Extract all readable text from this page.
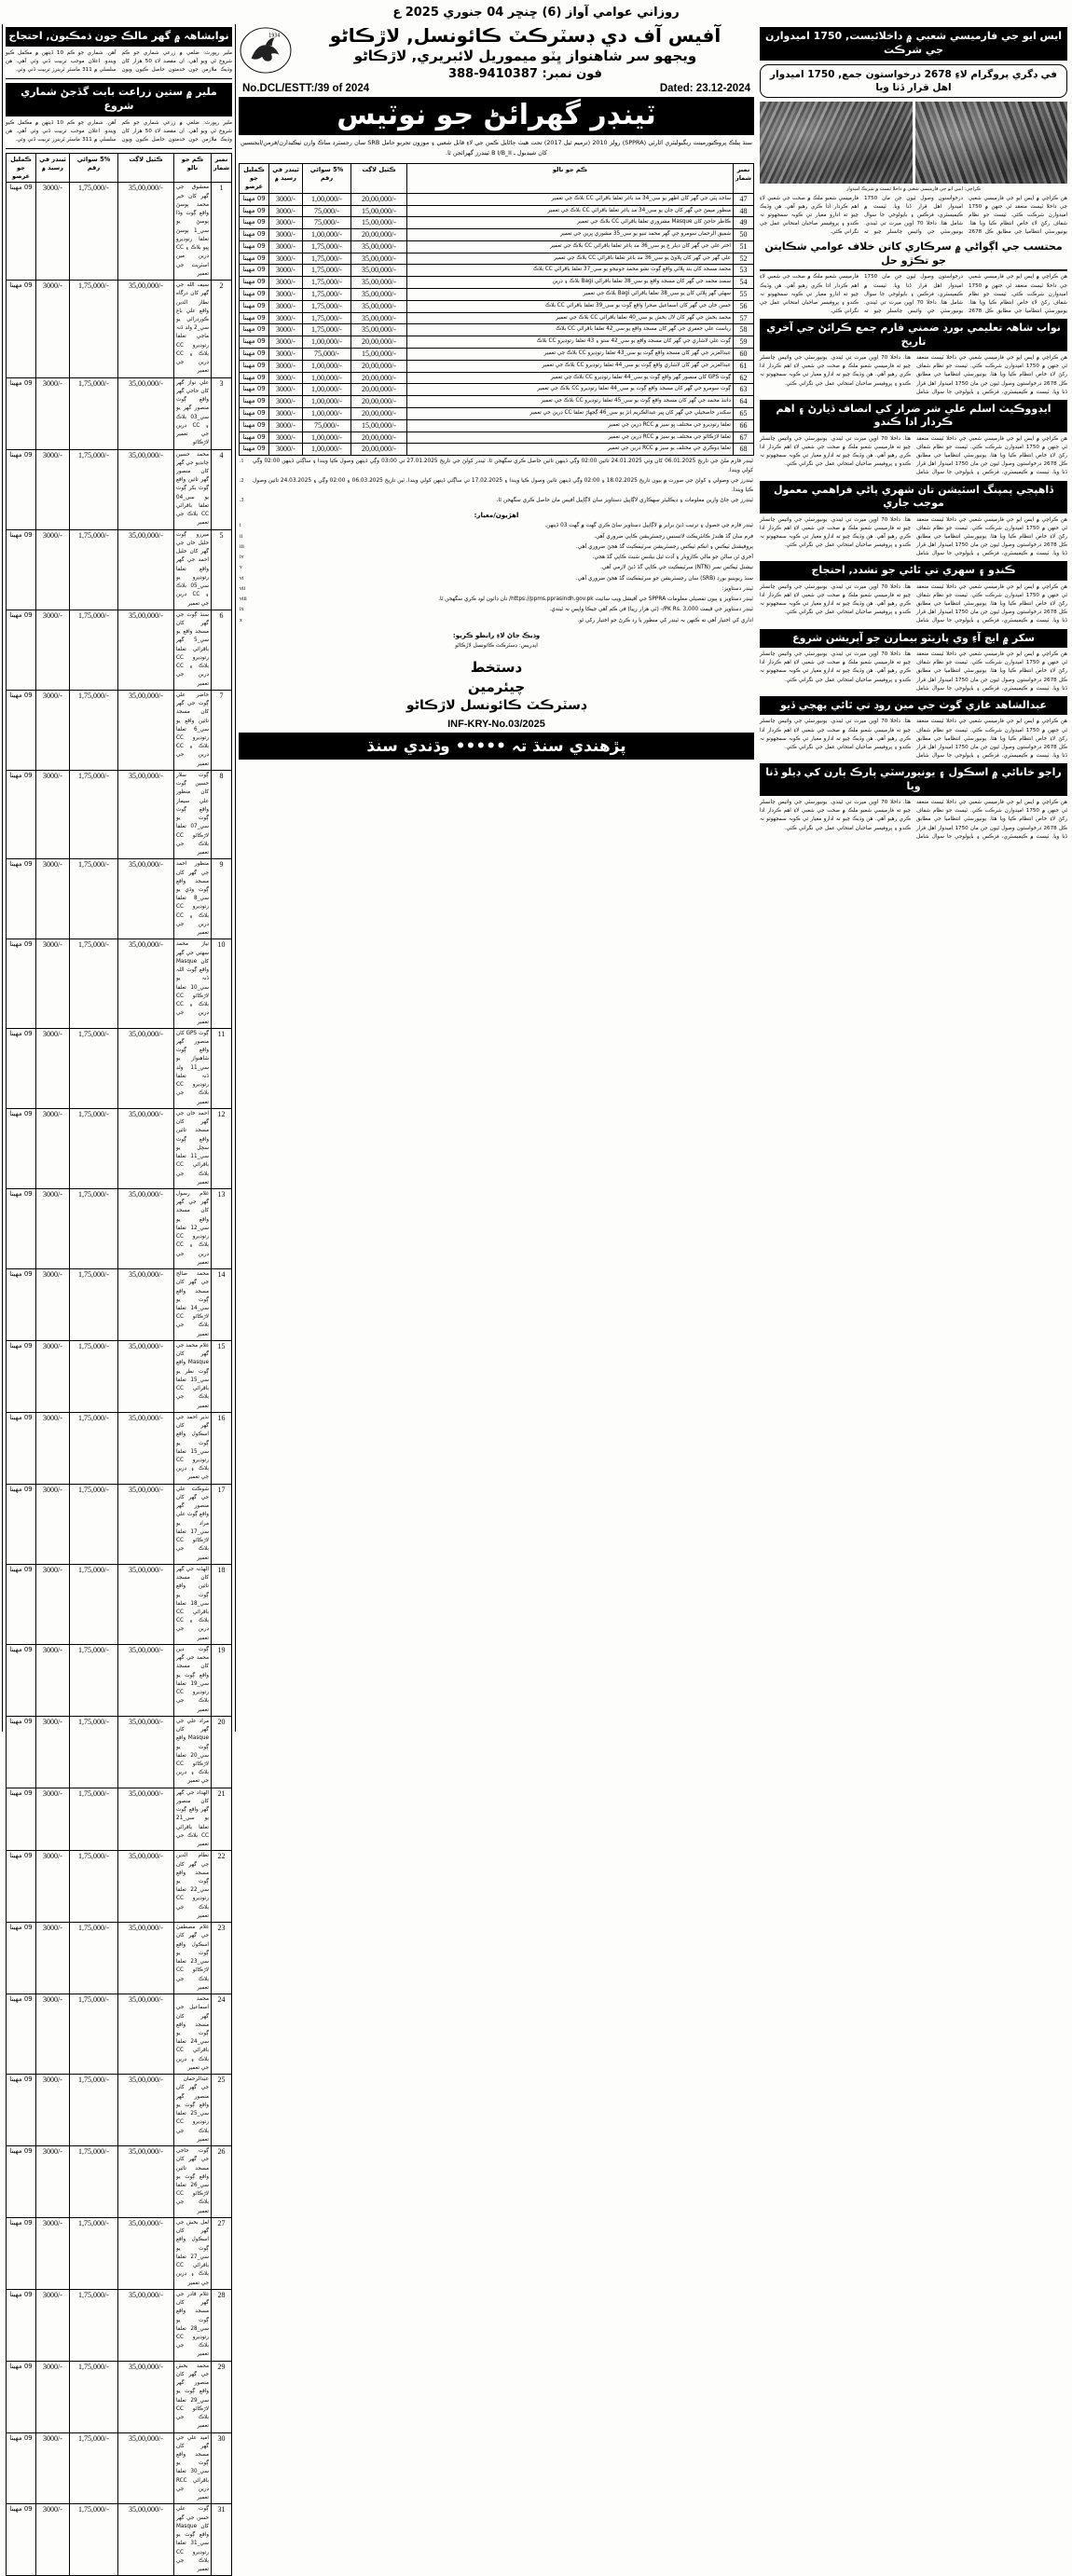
روزاني عوامي آواز (6) ڇنڇر 04 جنوري 2025 ع
نوابشاهہ ۾ گهر مالڪ جون ڌمڪيون, احتجاج
ملير رپورٽ: ضلعي ۾ زرعي شماري جو ڪم شروع ٿي ويو آهي. ان مقصد لاءِ 50 هزار کان وڌيڪ ملازمن جون خدمتون حاصل ڪيون ويون آهن. شماري جو ڪم 10 ڏينهن ۾ مڪمل ڪيو ويندو. اعلان موجب تربيت ڏني وئي آهي. هن سلسلي ۾ 311 ماسٽر ٽرينرز تربيت ڏني وئي.
ملير ۾ ستين زراعت بابت گڏجڻ شماري شروع
ملير رپورٽ: ضلعي ۾ زرعي شماري جو ڪم شروع ٿي ويو آهي. ان مقصد لاءِ 50 هزار کان وڌيڪ ملازمن جون خدمتون حاصل ڪيون ويون آهن. شماري جو ڪم 10 ڏينهن ۾ مڪمل ڪيو ويندو. اعلان موجب تربيت ڏني وئي آهي. هن سلسلي ۾ 311 ماسٽر ٽرينرز تربيت ڏني وئي.
نمبر شمار	ڪم جو نالو	ڪٽيل لاڳت	5% سوائي رقم	ٽينڊر في رسيد ۾	ڪمليل جو عرصو
1	معشوق جي گهر کان خير محمد ٻوسڻ واقع ڳوٺ وڏا ٻوسڻ يو سي_1 ٻوسڻ تعلقا رتوڊيرو ڀيو بلاڪ ۽ CC ڊرين مين اسٽريٽ جي تعمير	35,00,000/-	1,75,000/-	3000/-	09 مهينا
2	سيف الله جي گهر کان درگاه نظار الدين واقع علي باغ ڪوردراڻي يو سي_2 ولڊ ڏنہ ماجي تعلقا رتوڊيرو CC بلاڪ ۽ CC ڊرين جي تعمير	35,00,000/-	1,75,000/-	3000/-	09 مهينا
3	علي نواز گهر کان حاجي گهر واقع ڳوٺ منصور گهر يو سي_03 بلاڪ ۽ CC ڊرين جي تعمير لاڙڪاڻو	35,00,000/-	1,75,000/-	3000/-	09 مهينا
4	محمد حسين چانڊيو جي گهر کان منصور گهر تائين واقع ڳوٺ بکر ڳوٺ يو سي_04 تعلقا باقراڻي CC بلاڪ جي تعمير	35,00,000/-	1,75,000/-	3000/-	09 مهينا
5	ميرزو ڳوٺ خليل خان جي گهر کان خليل احمد جي گهر واقع تعلقا رتوڊيرو يو سي_05 بلاڪ ۽ CC ڊرين جي تعمير	35,00,000/-	1,75,000/-	3000/-	09 مهينا
6	سنڌ ڳوٺ جي گهر کان مسجد واقع يو سي_5 گهر باقراڻي تعلقا رتوڊيرو CC بلاڪ ۽ CC ڊرين جي تعمير	35,00,000/-	1,75,000/-	3000/-	09 مهينا
7	حاضر علي ڳوٺ جي گهر کان مسجد تائين واقع يو سي_6 تعلقا رتوڊيرو CC بلاڪ ۽ CC ڊرين جي تعمير	35,00,000/-	1,75,000/-	3000/-	09 مهينا
8	ڳوٺ سلار حسين ڳوٺ کان منظور علي سيمار واقع ڳوٺ ڳوٺ يو سي_07 تعلقا لاڙڪاڻو CC بلاڪ جي تعمير	35,00,000/-	1,75,000/-	3000/-	09 مهينا
9	منظور احمد جي گهر کان مسجد واقع ڳوٺ وڏي يو سي_8 تعلقا رتوڊيرو CC بلاڪ ۽ CC ڊرين جي تعمير	35,00,000/-	1,75,000/-	3000/-	09 مهينا
10	نياز محمد سهتي جي گهر کان Masque واقع ڳوٺ اللہ ڏنہ يو سي_10 تعلقا لاڙڪاڻو CC بلاڪ ۽ CC ڊرين جي تعمير	35,00,000/-	1,75,000/-	3000/-	09 مهينا
11	ڳوٺ GPS کان منصور گهر واقع ڳوٺ شاهنواز يو سي_11 ولڊ ڏنہ تعلقا رتوڊيرو CC بلاڪ جي تعمير	35,00,000/-	1,75,000/-	3000/-	09 مهينا
12	احمد خان جي گهر کان مسجد تائين واقع ڳوٺ سچل يو سي_11 تعلقا باقراڻي CC بلاڪ جي تعمير	35,00,000/-	1,75,000/-	3000/-	09 مهينا
13	غلام رسول گهر جي گهر کان مسجد واقع يو سي_12 تعلقا رتوڊيرو CC بلاڪ ۽ CC ڊرين جي تعمير	35,00,000/-	1,75,000/-	3000/-	09 مهينا
14	محمد صالح جي گهر کان مسجد واقع ڳوٺ يو سي_14 تعلقا لاڙڪاڻو CC بلاڪ جي تعمير	35,00,000/-	1,75,000/-	3000/-	09 مهينا
15	غلام محمد جي گهر کان Masque واقع ڳوٺ نظر يو سي_15 تعلقا باقراڻي CC بلاڪ جي تعمير	35,00,000/-	1,75,000/-	3000/-	09 مهينا
16	نذير احمد جي گهر کان اسڪول واقع ڳوٺ يو سي_15 تعلقا رتوڊيرو CC بلاڪ ۽ ڊرين جي تعمير	35,00,000/-	1,75,000/-	3000/-	09 مهينا
17	شوڪت علي جي گهر کان منصور گهر واقع ڳوٺ علي مراد يو سي_17 تعلقا لاڙڪاڻو CC بلاڪ جي تعمير	35,00,000/-	1,75,000/-	3000/-	09 مهينا
18	الهڏنہ جي گهر کان مسجد تائين واقع ڳوٺ يو سي_18 تعلقا باقراڻي CC بلاڪ ۽ CC ڊرين جي تعمير	35,00,000/-	1,75,000/-	3000/-	09 مهينا
19	ڳوٺ دين محمد جي گهر کان مسجد واقع ڳوٺ يو سي_19 تعلقا رتوڊيرو CC بلاڪ جي تعمير	35,00,000/-	1,75,000/-	3000/-	09 مهينا
20	مراد علي جي گهر کان Masque واقع ڳوٺ يو سي_20 تعلقا لاڙڪاڻو CC بلاڪ ۽ ڊرين جي تعمير	35,00,000/-	1,75,000/-	3000/-	09 مهينا
21	الهداد جي گهر کان منصور گهر واقع ڳوٺ يو سي_21 تعلقا باقراڻي CC بلاڪ جي تعمير	35,00,000/-	1,75,000/-	3000/-	09 مهينا
22	نظام الدين جي گهر کان مسجد واقع ڳوٺ يو سي_22 تعلقا رتوڊيرو CC بلاڪ جي تعمير	35,00,000/-	1,75,000/-	3000/-	09 مهينا
23	غلام مصطفيٰ جي گهر کان اسڪول واقع ڳوٺ يو سي_23 تعلقا لاڙڪاڻو CC بلاڪ جي تعمير	35,00,000/-	1,75,000/-	3000/-	09 مهينا
24	محمد اسماعيل جي گهر کان مسجد واقع ڳوٺ يو سي_24 تعلقا باقراڻي CC بلاڪ ۽ ڊرين جي تعمير	35,00,000/-	1,75,000/-	3000/-	09 مهينا
25	عبدالرحمان جي گهر کان منصور گهر واقع ڳوٺ يو سي_25 تعلقا رتوڊيرو CC بلاڪ جي تعمير	35,00,000/-	1,75,000/-	3000/-	09 مهينا
26	ڳوٺ حاجي جي گهر کان مسجد تائين واقع ڳوٺ يو سي_26 تعلقا لاڙڪاڻو CC بلاڪ جي تعمير	35,00,000/-	1,75,000/-	3000/-	09 مهينا
27	لعل بخش جي گهر کان اسڪول واقع ڳوٺ يو سي_27 تعلقا باقراڻي CC بلاڪ ۽ ڊرين جي تعمير	35,00,000/-	1,75,000/-	3000/-	09 مهينا
28	غلام قادر جي گهر کان مسجد واقع ڳوٺ يو سي_28 تعلقا رتوڊيرو CC بلاڪ جي تعمير	35,00,000/-	1,75,000/-	3000/-	09 مهينا
29	محمد بخش جي گهر کان منصور گهر واقع ڳوٺ يو سي_29 تعلقا لاڙڪاڻو CC بلاڪ جي تعمير	35,00,000/-	1,75,000/-	3000/-	09 مهينا
30	اميد علي جي گهر کان مسجد واقع ڳوٺ يو سي_30 تعلقا باقراڻي RCC ڊرين جي تعمير	35,00,000/-	1,75,000/-	3000/-	09 مهينا
31	ڳوٺ علي حسن جي گهر کان Masque واقع ڳوٺ يو سي_31 تعلقا رتوڊيرو CC بلاڪ جي تعمير	35,00,000/-	1,75,000/-	3000/-	09 مهينا
1934	آفيس آف دي ڊسٽرڪٽ ڪائونسل, لاڙڪاڻو
ويجهو سر شاهنواز ڀٽو ميموريل لائبريري, لاڙڪاڻو
فون نمبر: 9410387-388
No.DCL/ESTT:/39 of 2024	Dated: 23.12-2024
ٽينڊر گهرائڻ جو نوٽيس
سنڌ پبلڪ پروڪيورمينٽ ريگيوليٽري اٿارٽي (SPPRA) رولز 2010 (ترميم ٿيل 2017) تحت هيٺ ڄاڻايل ڪمن جي لاءِ قابل شعبي ۽ موزون تجربو حامل SRB سان رجسٽرڊ ساڪ وارن ٺيڪيدارن/فرمن/ايجنسين کان شيڊيول ـ B I/B_II ٽينڊرز گهرائجن ٿا.
نمبر شمار	ڪم جو نالو	ڪٽيل لاڳت	5% سوائي رقم	ٽينڊر في رسيد ۾	ڪمليل جو عرصو
47	ساجد پٽي جي گهر کان اظهر يو سي_34 مد باغر تعلقا باقراڻي CC بلاڪ جي تعمير	20,00,000/-	1,00,000/-	3000/-	09 مهينا
48	منظور ميمڻ جي گهر کان جان يو سي_34 مد باغر تعلقا باقراڻي CC بلاڪ جي تعمير	15,00,000/-	75,000/-	3000/-	09 مهينا
49	ڪاظر حاجڻ کان Masque مشروري تعلقا باقراڻي CC بلاڪ جي تعمير	15,00,000/-	75,000/-	3000/-	09 مهينا
50	شفيق الرحمان سومرو جي گهر محمد تنيو يو سي_35 مشوري ڀرين جي تعمير	20,00,000/-	1,00,000/-	3000/-	09 مهينا
51	اختر علي جي گهر کان ديلر ع يو سي_36 مد باغر تعلقا باقراڻي CC بلاڪ جي تعمير	35,00,000/-	1,75,000/-	3000/-	09 مهينا
52	علي گهر جي گهر کان ڀلاوڻ يو سي_36 مد باغر تعلقا باقراڻي CC بلاڪ جي تعمير	35,00,000/-	1,75,000/-	3000/-	09 مهينا
53	محمد مسجد کان بند ڀلاڻي واقع ڳوٺ نشو محمد جونيجو يو سي_37 تعلقا باقراڻي CC بلاڪ	35,00,000/-	1,75,000/-	3000/-	09 مهينا
54	سمنڊ محمد جي گهر کان مسجد واقع يو سي_38 تعلقا باقراڻي Bagi بلاڪ ۽ ڊرين	35,00,000/-	1,75,000/-	3000/-	09 مهينا
55	سهڻي گهر ڀلاڻي کان يو سي_38 تعلقا باقراڻي Bagi بلاڪ جي تعمير	35,00,000/-	1,75,000/-	3000/-	09 مهينا
56	حسن خان جي گهر کان اسماعيل صحرا واقع ڳوٺ يو سي_39 تعلقا باقراڻي CC بلاڪ	35,00,000/-	1,75,000/-	3000/-	09 مهينا
57	محمد بخش جي گهر کان لال بخش يو سي_40 تعلقا باقراڻي CC بلاڪ جي تعمير	35,00,000/-	1,75,000/-	3000/-	09 مهينا
58	رياست علي جعفري جي گهر کان مسجد واقع يو سي_42 تعلقا باقراڻي CC بلاڪ	35,00,000/-	1,75,000/-	3000/-	09 مهينا
59	ڳوٺ علي لاشاري جي گهر کان مسجد واقع يو سي_42 ستو ۽ 43 تعلقا رتوڊيرو CC بلاڪ	20,00,000/-	1,00,000/-	3000/-	09 مهينا
60	عبدالعزيز جي گهر کان مسجد واقع ڳوٺ يو سي_43 تعلقا رتوڊيرو CC بلاڪ جي تعمير	15,00,000/-	75,000/-	3000/-	09 مهينا
61	عبدالعزيز جي گهر کان لاشاري واقع ڳوٺ يو سي_44 تعلقا رتوڊيرو CC بلاڪ جي تعمير	20,00,000/-	1,00,000/-	3000/-	09 مهينا
62	ڳوٺ GPS کان منصور گهر واقع ڳوٺ يو سي_44 تعلقا رتوڊيرو CC بلاڪ جي تعمير	20,00,000/-	1,00,000/-	3000/-	09 مهينا
63	ڳوٺ سومرو جي گهر کان مسجد واقع ڳوٺ يو سي_44 تعلقا رتوڊيرو CC بلاڪ جي تعمير	20,00,000/-	1,00,000/-	3000/-	09 مهينا
64	داننڌ محمد جي گهر کان مسجد واقع ڳوٺ يو سي_45 تعلقا رتوڊيرو CC بلاڪ جي تعمير	20,00,000/-	1,00,000/-	3000/-	09 مهينا
65	سکندر خاصخيلي جي گهر کان ڀير عبدالڪريم انڙ يو سي_46 ڳجهاڙ تعلقا CC ڊرين جي تعمير	20,00,000/-	1,00,000/-	3000/-	09 مهينا
66	تعلقا رتوڊيرو جي مختلف ڀو سيز ۾ RCC ڊرين جي تعمير	15,00,000/-	75,000/-	3000/-	09 مهينا
67	تعلقا لاڙڪاڻو جي مختلف يو سيز ۾ RCC ڊرين جي تعمير	20,00,000/-	1,00,000/-	3000/-	09 مهينا
68	تعلقا ڊوڪري جي مختلف يو سيز ۾ RCC ڊرين جي تعمير	20,00,000/-	1,00,000/-	3000/-	09 مهينا
1.	ٽينڊر فارم ملڻ جي تاريخ 06.01.2025 کان وٺي 24.01.2025 تائين 02:00 وڳي ڏينهن تائين حاصل ڪري سگهجن ٿا. ٽينڊر کولڻ جي تاريخ 27.01.2025 تي 03:00 وڳي ڏينهن وصول ڪيا ويندا ۽ ساڳئي ڏينهن 02:00 وڳي کولي ويندا.
2.	ٽينڊرز جي وصولي ۽ کولڻ جي صورت ۾ ٻيون تاريخ 18.02.2025 ۽ 02:00 وڳي ڏينهن تائين وصول ڪيا ويندا ۽ 17.02.2025 تي ساڳئي ڏينهن کولي ويندا. ٽين تاريخ 06.03.2025 ۽ 02:00 وڳي ۽ 24.03.2025 تائين وصول ڪيا ويندا.
3.	ٽينڊرز جي ڄاڻ وارين معلومات ۽ ڊيڪليئر سهڪاري لاڳاپيل دستاويز سان لاڳاپيل آفيس مان حاصل ڪري سگهجن ٿا.
اهڙيون/معيار:
i	ٽينڊر فارم جي حصول ۽ ترتيب ڏيڻ برابر ۾ لاڳاپيل دستاويز ساڻ ڪري گهٽ ۾ گهٽ 03 ڏينهن.
ii	فرم سان گڏ هلندڙ ڪانٽريڪٽ لائسنس رجسٽريشن ڪاپي ضروري آهي.
iii	پروفيشنل ٽيڪس ۽ انڪم ٽيڪس رجسٽريشن سرٽيفڪيٽ گڏ هجڻ ضروري آهي.
iv	آخري ٽن سالن جو مالي ڪاروبار ۽ آڊٽ ٿيل بيلنس شيٽ ڪاپي گڏ هجي.
v	نيشنل ٽيڪس نمبر (NTN) سرٽيفڪيٽ جي ڪاپي گڏ ڏيڻ لازمي آهي.
vi	سنڌ ريوينيو بورڊ (SRB) سان رجسٽريشن جو سرٽيفڪيٽ گڏ هجڻ ضروري آهي.
vii	ٽينڊر دستاويز:
viii	ٽينڊر دستاويز ۽ ٻيون تفصيلي معلومات SPPRA جي آفيشل ويب سائيٽ https://ppms.pprasindh.gov.pk/ تان ڊائون لوڊ ڪري سگهجن ٿا.
ix	ٽينڊر دستاويز جي قيمت PK Rs. 3,000/- (ٽي هزار رپيا) في ڪم آهي جيڪا واپس نہ ٿيندي.
x	اداري کي اختيار آهي ته ڪنهن بہ ٽينڊر کي منظور يا رد ڪرڻ جو اختيار رکي ٿو.
وڌيڪ ڄاڻ لاءِ رابطو ڪريو:
ايڊريس: ڊسٽرڪٽ ڪائونسل لاڙڪاڻو
دستخط
چيئرمين
ڊسٽرڪٽ ڪائونسل لاڙڪاڻو
INF-KRY-No.03/2025
پڙهندي سنڌ تہ ••••• وڌندي سنڌ
ايس ايو جي فارميسي شعبي ۾ داخلائيست, 1750 اميدوارن جي شرڪت
في ڊگري پروگرام لاءِ 2678 درخواستون جمع, 1750 اميدوار اهل قرار ڏنا ويا
ڪراچي: ايس ايو جي فارميسي شعبي ۾ داخلا ٽيسٽ ۾ شريڪ اميدوار
هن ڪراچي ۾ ايس ايو جي فارميسي شعبي جي داخلا ٽيسٽ منعقد ٿي جنهن ۾ 1750 اميدوارن شرڪت ڪئي. ٽيسٽ جو نظام شفاف رکڻ لاءِ خاص انتظام ڪيا ويا هئا. يونيورسٽي انتظاميا جي مطابق ڪل 2678 درخواستون وصول ٿيون جن مان 1750 اميدوار اهل قرار ڏنا ويا. ٽيسٽ ۾ ڪيميسٽري، فزڪس ۽ بايولوجي جا سوال شامل هئا. داخلا 70 اوپن ميرٽ تي ٿيندي. يونيورسٽي جي وائيس چانسلر چيو ته فارميسي شعبو ملڪ ۾ صحت جي شعبي لاءِ اهم ڪردار ادا ڪري رهيو آهي. هن وڌيڪ چيو ته ادارو معيار تي ڪوبہ سمجهوتو نہ ڪندو ۽ پروفيسر صاحبان امتحاني عمل جي نگراني ڪئي.
محتسب جي اڳواڻي ۾ سرڪاري کاتن خلاف عوامي شڪايتن جو تڪڙو حل
هن ڪراچي ۾ ايس ايو جي فارميسي شعبي جي داخلا ٽيسٽ منعقد ٿي جنهن ۾ 1750 اميدوارن شرڪت ڪئي. ٽيسٽ جو نظام شفاف رکڻ لاءِ خاص انتظام ڪيا ويا هئا. يونيورسٽي انتظاميا جي مطابق ڪل 2678 درخواستون وصول ٿيون جن مان 1750 اميدوار اهل قرار ڏنا ويا. ٽيسٽ ۾ ڪيميسٽري، فزڪس ۽ بايولوجي جا سوال شامل هئا. داخلا 70 اوپن ميرٽ تي ٿيندي. يونيورسٽي جي وائيس چانسلر چيو ته فارميسي شعبو ملڪ ۾ صحت جي شعبي لاءِ اهم ڪردار ادا ڪري رهيو آهي. هن وڌيڪ چيو ته ادارو معيار تي ڪوبہ سمجهوتو نہ ڪندو ۽ پروفيسر صاحبان امتحاني عمل جي نگراني ڪئي.
نواب شاهہ تعليمي بورڊ ضمني فارم جمع ڪرائڻ جي آخري تاريخ
هن ڪراچي ۾ ايس ايو جي فارميسي شعبي جي داخلا ٽيسٽ منعقد ٿي جنهن ۾ 1750 اميدوارن شرڪت ڪئي. ٽيسٽ جو نظام شفاف رکڻ لاءِ خاص انتظام ڪيا ويا هئا. يونيورسٽي انتظاميا جي مطابق ڪل 2678 درخواستون وصول ٿيون جن مان 1750 اميدوار اهل قرار ڏنا ويا. ٽيسٽ ۾ ڪيميسٽري، فزڪس ۽ بايولوجي جا سوال شامل هئا. داخلا 70 اوپن ميرٽ تي ٿيندي. يونيورسٽي جي وائيس چانسلر چيو ته فارميسي شعبو ملڪ ۾ صحت جي شعبي لاءِ اهم ڪردار ادا ڪري رهيو آهي. هن وڌيڪ چيو ته ادارو معيار تي ڪوبہ سمجهوتو نہ ڪندو ۽ پروفيسر صاحبان امتحاني عمل جي نگراني ڪئي.
ايڊووڪيٽ اسلم علي شر ضرار کي انصاف ڏيارڻ ۽ اهم ڪردار ادا ڪندو
هن ڪراچي ۾ ايس ايو جي فارميسي شعبي جي داخلا ٽيسٽ منعقد ٿي جنهن ۾ 1750 اميدوارن شرڪت ڪئي. ٽيسٽ جو نظام شفاف رکڻ لاءِ خاص انتظام ڪيا ويا هئا. يونيورسٽي انتظاميا جي مطابق ڪل 2678 درخواستون وصول ٿيون جن مان 1750 اميدوار اهل قرار ڏنا ويا. ٽيسٽ ۾ ڪيميسٽري، فزڪس ۽ بايولوجي جا سوال شامل هئا. داخلا 70 اوپن ميرٽ تي ٿيندي. يونيورسٽي جي وائيس چانسلر چيو ته فارميسي شعبو ملڪ ۾ صحت جي شعبي لاءِ اهم ڪردار ادا ڪري رهيو آهي. هن وڌيڪ چيو ته ادارو معيار تي ڪوبہ سمجهوتو نہ ڪندو ۽ پروفيسر صاحبان امتحاني عمل جي نگراني ڪئي.
ڏاهپجي پمپنگ اسٽيشن تان شهري پاڻي فراهمي معمول موجب جاري
هن ڪراچي ۾ ايس ايو جي فارميسي شعبي جي داخلا ٽيسٽ منعقد ٿي جنهن ۾ 1750 اميدوارن شرڪت ڪئي. ٽيسٽ جو نظام شفاف رکڻ لاءِ خاص انتظام ڪيا ويا هئا. يونيورسٽي انتظاميا جي مطابق ڪل 2678 درخواستون وصول ٿيون جن مان 1750 اميدوار اهل قرار ڏنا ويا. ٽيسٽ ۾ ڪيميسٽري، فزڪس ۽ بايولوجي جا سوال شامل هئا. داخلا 70 اوپن ميرٽ تي ٿيندي. يونيورسٽي جي وائيس چانسلر چيو ته فارميسي شعبو ملڪ ۾ صحت جي شعبي لاءِ اهم ڪردار ادا ڪري رهيو آهي. هن وڌيڪ چيو ته ادارو معيار تي ڪوبہ سمجهوتو نہ ڪندو ۽ پروفيسر صاحبان امتحاني عمل جي نگراني ڪئي.
ڪنڊو ۽ سهري تي ٿائي جو تشدد, احتجاج
هن ڪراچي ۾ ايس ايو جي فارميسي شعبي جي داخلا ٽيسٽ منعقد ٿي جنهن ۾ 1750 اميدوارن شرڪت ڪئي. ٽيسٽ جو نظام شفاف رکڻ لاءِ خاص انتظام ڪيا ويا هئا. يونيورسٽي انتظاميا جي مطابق ڪل 2678 درخواستون وصول ٿيون جن مان 1750 اميدوار اهل قرار ڏنا ويا. ٽيسٽ ۾ ڪيميسٽري، فزڪس ۽ بايولوجي جا سوال شامل هئا. داخلا 70 اوپن ميرٽ تي ٿيندي. يونيورسٽي جي وائيس چانسلر چيو ته فارميسي شعبو ملڪ ۾ صحت جي شعبي لاءِ اهم ڪردار ادا ڪري رهيو آهي. هن وڌيڪ چيو ته ادارو معيار تي ڪوبہ سمجهوتو نہ ڪندو ۽ پروفيسر صاحبان امتحاني عمل جي نگراني ڪئي.
سکر ۾ ايڇ آءِ وي پازيٽو بيمارن جو آپريشن شروع
هن ڪراچي ۾ ايس ايو جي فارميسي شعبي جي داخلا ٽيسٽ منعقد ٿي جنهن ۾ 1750 اميدوارن شرڪت ڪئي. ٽيسٽ جو نظام شفاف رکڻ لاءِ خاص انتظام ڪيا ويا هئا. يونيورسٽي انتظاميا جي مطابق ڪل 2678 درخواستون وصول ٿيون جن مان 1750 اميدوار اهل قرار ڏنا ويا. ٽيسٽ ۾ ڪيميسٽري، فزڪس ۽ بايولوجي جا سوال شامل هئا. داخلا 70 اوپن ميرٽ تي ٿيندي. يونيورسٽي جي وائيس چانسلر چيو ته فارميسي شعبو ملڪ ۾ صحت جي شعبي لاءِ اهم ڪردار ادا ڪري رهيو آهي. هن وڌيڪ چيو ته ادارو معيار تي ڪوبہ سمجهوتو نہ ڪندو ۽ پروفيسر صاحبان امتحاني عمل جي نگراني ڪئي.
عبدالشاهد غازي گوٺ جي مين روڊ تي ٿائي پهچي ڏيو
هن ڪراچي ۾ ايس ايو جي فارميسي شعبي جي داخلا ٽيسٽ منعقد ٿي جنهن ۾ 1750 اميدوارن شرڪت ڪئي. ٽيسٽ جو نظام شفاف رکڻ لاءِ خاص انتظام ڪيا ويا هئا. يونيورسٽي انتظاميا جي مطابق ڪل 2678 درخواستون وصول ٿيون جن مان 1750 اميدوار اهل قرار ڏنا ويا. ٽيسٽ ۾ ڪيميسٽري، فزڪس ۽ بايولوجي جا سوال شامل هئا. داخلا 70 اوپن ميرٽ تي ٿيندي. يونيورسٽي جي وائيس چانسلر چيو ته فارميسي شعبو ملڪ ۾ صحت جي شعبي لاءِ اهم ڪردار ادا ڪري رهيو آهي. هن وڌيڪ چيو ته ادارو معيار تي ڪوبہ سمجهوتو نہ ڪندو ۽ پروفيسر صاحبان امتحاني عمل جي نگراني ڪئي.
راجو خانائي ۾ اسڪول ۽ يونيورسٽي پارڪ ٻارن کي ڊيلو ڏنا ويا
هن ڪراچي ۾ ايس ايو جي فارميسي شعبي جي داخلا ٽيسٽ منعقد ٿي جنهن ۾ 1750 اميدوارن شرڪت ڪئي. ٽيسٽ جو نظام شفاف رکڻ لاءِ خاص انتظام ڪيا ويا هئا. يونيورسٽي انتظاميا جي مطابق ڪل 2678 درخواستون وصول ٿيون جن مان 1750 اميدوار اهل قرار ڏنا ويا. ٽيسٽ ۾ ڪيميسٽري، فزڪس ۽ بايولوجي جا سوال شامل هئا. داخلا 70 اوپن ميرٽ تي ٿيندي. يونيورسٽي جي وائيس چانسلر چيو ته فارميسي شعبو ملڪ ۾ صحت جي شعبي لاءِ اهم ڪردار ادا ڪري رهيو آهي. هن وڌيڪ چيو ته ادارو معيار تي ڪوبہ سمجهوتو نہ ڪندو ۽ پروفيسر صاحبان امتحاني عمل جي نگراني ڪئي.
